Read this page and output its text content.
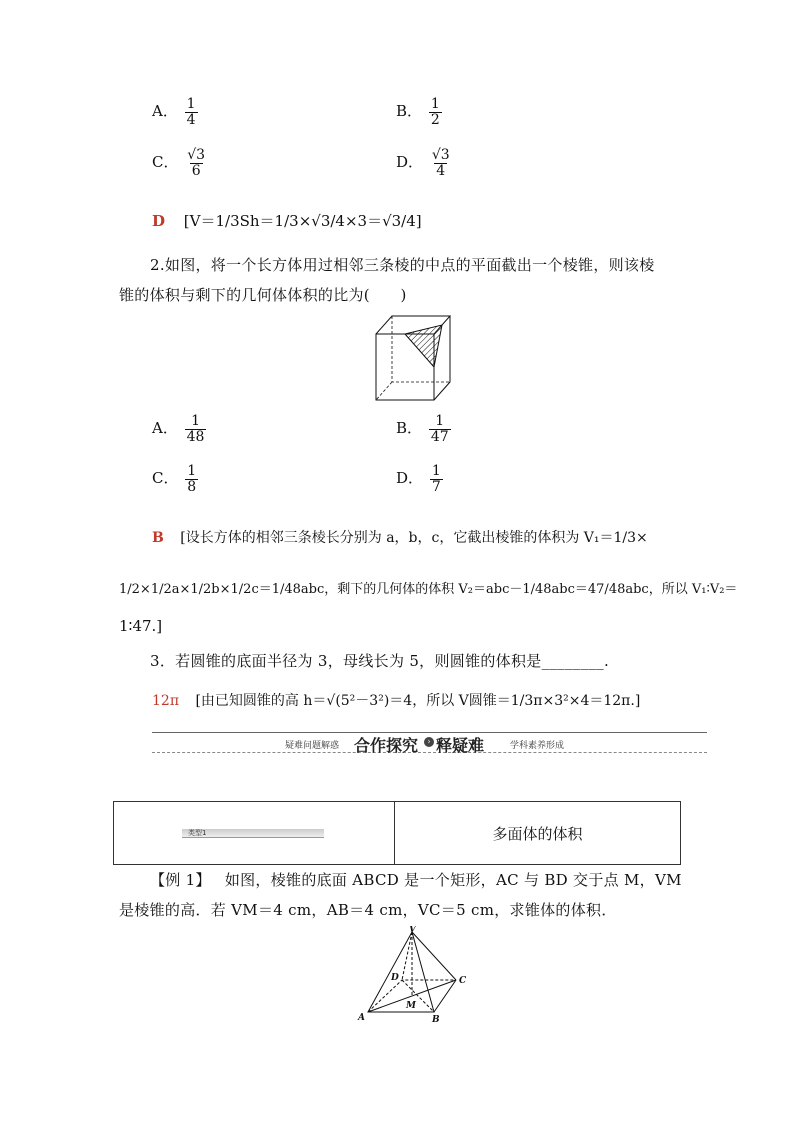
A． $\frac{1}{4}$	B． $\frac{1}{2}$
C． $\frac{√3}{6}$	D． $\frac{√3}{4}$
D [V＝1/3Sh＝1/3×√3/4×3＝√3/4]
2.如图，将一个长方体用过相邻三条棱的中点的平面截出一个棱锥，则该棱
锥的体积与剩下的几何体体积的比为(　　)
A． $\frac{1}{48}$	B． $\frac{1}{47}$
C． $\frac{1}{8}$	D． $\frac{1}{7}$
B [设长方体的相邻三条棱长分别为 a，b，c，它截出棱锥的体积为 V₁＝1/3×
1/2×1/2a×1/2b×1/2c＝1/48abc，剩下的几何体的体积 V₂＝abc－1/48abc＝47/48abc，所以 V₁∶V₂＝
1∶47.]
3．若圆锥的底面半径为 3，母线长为 5，则圆锥的体积是________.
12π [由已知圆锥的高 h＝√(5²－3²)＝4，所以 V圆锥＝1/3π×3²×4＝12π.]
疑难问题解惑 合作探究	› 释疑难	学科素养形成
类型1	多面体的体积
【例 1】 如图，棱锥的底面 ABCD 是一个矩形，AC 与 BD 交于点 M，VM
是棱锥的高．若 VM＝4 cm，AB＝4 cm，VC＝5 cm，求锥体的体积．
V
A	B
C
D
M
